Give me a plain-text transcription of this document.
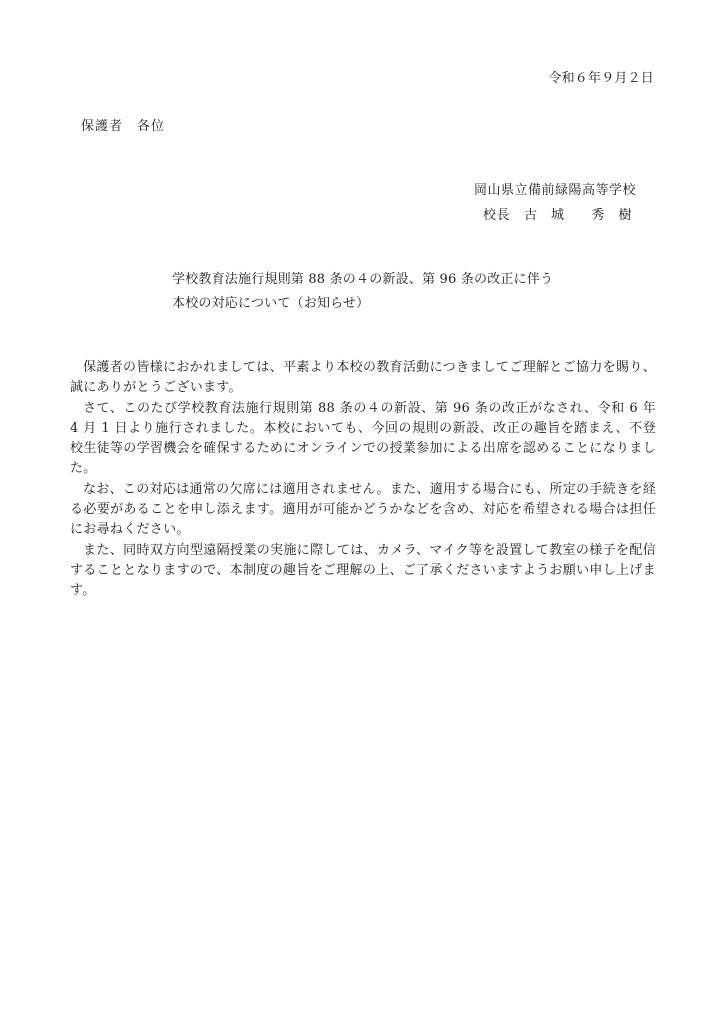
令和６年９月２日
保護者　各位
岡山県立備前緑陽高等学校
校長 古　城　　秀　樹
学校教育法施行規則第 88 条の４の新設、第 96 条の改正に伴う
本校の対応について（お知らせ）

保護者の皆様におかれましては、平素より本校の教育活動につきましてご理解とご協力を賜り、誠にありがとうございます。

さて、このたび学校教育法施行規則第 88 条の４の新設、第 96 条の改正がなされ、令和 6 年 4 月 1 日より施行されました。本校においても、今回の規則の新設、改正の趣旨を踏まえ、不登校生徒等の学習機会を確保するためにオンラインでの授業参加による出席を認めることになりました。

なお、この対応は通常の欠席には適用されません。また、適用する場合にも、所定の手続きを経る必要があることを申し添えます。適用が可能かどうかなどを含め、対応を希望される場合は担任にお尋ねください。

また、同時双方向型遠隔授業の実施に際しては、カメラ、マイク等を設置して教室の様子を配信することとなりますので、本制度の趣旨をご理解の上、ご了承くださいますようお願い申し上げます。
